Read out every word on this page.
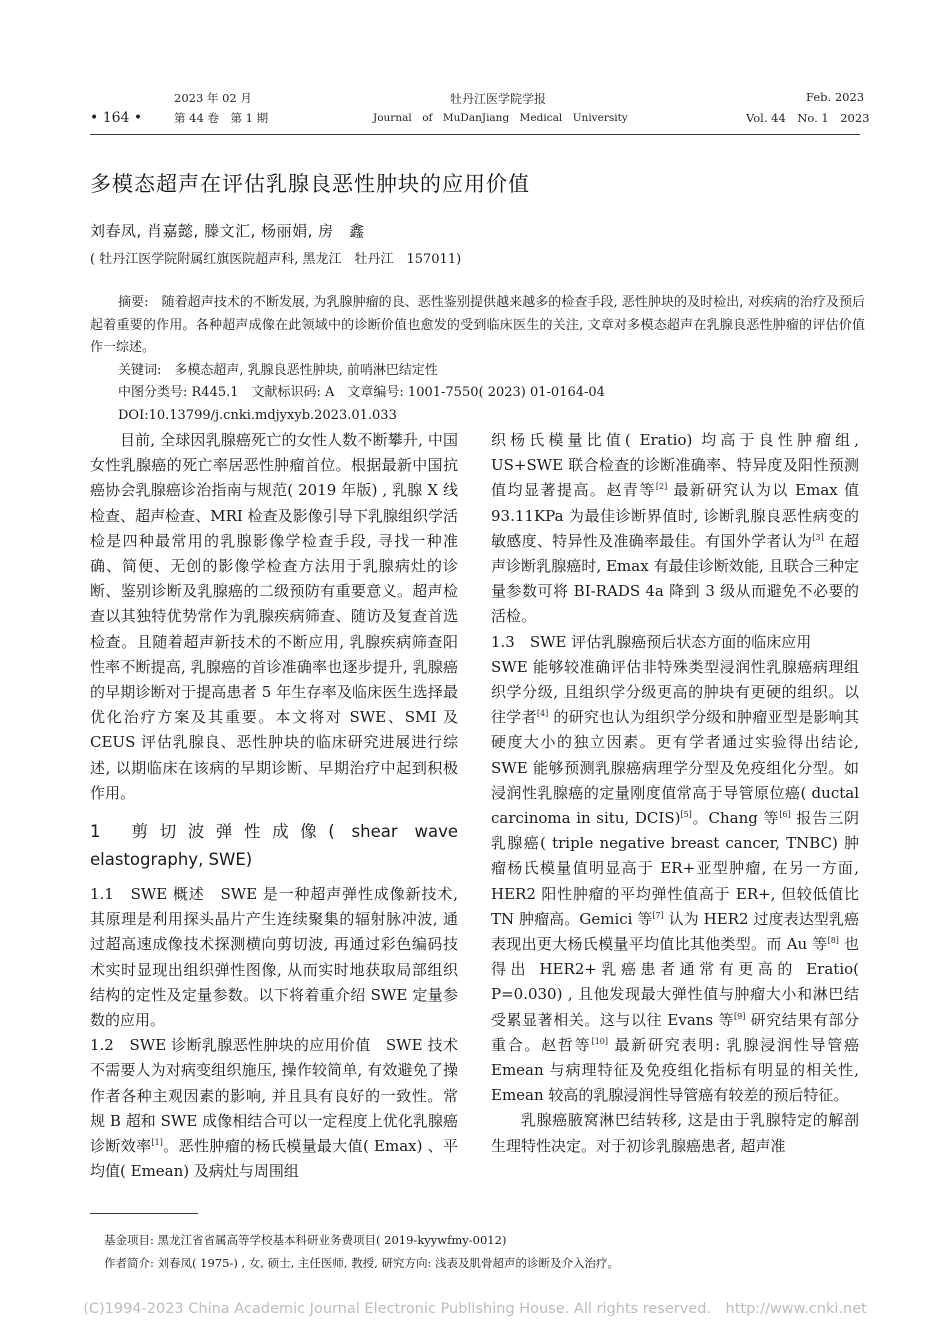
• 164 •
2023 年 02 月
第 44 卷　第 1 期
牡丹江医学院学报
Journal　of　MuDanJiang　Medical　University
Feb. 2023
Vol. 44　No. 1　2023
多模态超声在评估乳腺良恶性肿块的应用价值
刘春凤, 肖嘉懿, 滕文汇, 杨丽娟, 房　鑫
( 牡丹江医学院附属红旗医院超声科, 黑龙江　牡丹江　157011)
摘要:　随着超声技术的不断发展, 为乳腺肿瘤的良、恶性鉴别提供越来越多的检查手段, 恶性肿块的及时检出, 对疾病的治疗及预后起着重要的作用。各种超声成像在此领域中的诊断价值也愈发的受到临床医生的关注, 文章对多模态超声在乳腺良恶性肿瘤的评估价值作一综述。
关键词:　多模态超声, 乳腺良恶性肿块, 前哨淋巴结定性
中图分类号: R445.1　文献标识码: A　文章编号: 1001-7550( 2023) 01-0164-04
DOI:10.13799/j.cnki.mdjyxyb.2023.01.033

目前, 全球因乳腺癌死亡的女性人数不断攀升, 中国女性乳腺癌的死亡率居恶性肿瘤首位。根据最新中国抗癌协会乳腺癌诊治指南与规范( 2019 年版) , 乳腺 X 线检查、超声检查、MRI 检查及影像引导下乳腺组织学活检是四种最常用的乳腺影像学检查手段, 寻找一种准确、简便、无创的影像学检查方法用于乳腺病灶的诊断、鉴别诊断及乳腺癌的二级预防有重要意义。超声检查以其独特优势常作为乳腺疾病筛查、随访及复查首选检查。且随着超声新技术的不断应用, 乳腺疾病筛查阳性率不断提高, 乳腺癌的首诊准确率也逐步提升, 乳腺癌的早期诊断对于提高患者 5 年生存率及临床医生选择最优化治疗方案及其重要。本文将对 SWE、SMI 及 CEUS 评估乳腺良、恶性肿块的临床研究进展进行综述, 以期临床在该病的早期诊断、早期治疗中起到积极作用。

1 剪切波弹性成像( shear wave elastography, SWE)

1.1　SWE 概述　SWE 是一种超声弹性成像新技术, 其原理是利用探头晶片产生连续聚集的辐射脉冲波, 通过超高速成像技术探测横向剪切波, 再通过彩色编码技术实时显现出组织弹性图像, 从而实时地获取局部组织结构的定性及定量参数。以下将着重介绍 SWE 定量参数的应用。

1.2　SWE 诊断乳腺恶性肿块的应用价值　SWE 技术不需要人为对病变组织施压, 操作较简单, 有效避免了操作者各种主观因素的影响, 并且具有良好的一致性。常规 B 超和 SWE 成像相结合可以一定程度上优化乳腺癌诊断效率[1]。恶性肿瘤的杨氏模量最大值( Emax) 、平均值( Emean) 及病灶与周围组

织杨氏模量比值( Eratio) 均高于良性肿瘤组, US+SWE 联合检查的诊断准确率、特异度及阳性预测值均显著提高。赵青等[2] 最新研究认为以 Emax 值 93.11KPa 为最佳诊断界值时, 诊断乳腺良恶性病变的敏感度、特异性及准确率最佳。有国外学者认为[3] 在超声诊断乳腺癌时, Emax 有最佳诊断效能, 且联合三种定量参数可将 BI-RADS 4a 降到 3 级从而避免不必要的活检。

1.3　SWE 评估乳腺癌预后状态方面的临床应用

SWE 能够较准确评估非特殊类型浸润性乳腺癌病理组织学分级, 且组织学分级更高的肿块有更硬的组织。以往学者[4] 的研究也认为组织学分级和肿瘤亚型是影响其硬度大小的独立因素。更有学者通过实验得出结论, SWE 能够预测乳腺癌病理学分型及免疫组化分型。如浸润性乳腺癌的定量刚度值常高于导管原位癌( ductal carcinoma in situ, DCIS)[5]。Chang 等[6] 报告三阴乳腺癌( triple negative breast cancer, TNBC) 肿瘤杨氏模量值明显高于 ER+亚型肿瘤, 在另一方面, HER2 阳性肿瘤的平均弹性值高于 ER+, 但较低值比 TN 肿瘤高。Gemici 等[7] 认为 HER2 过度表达型乳癌表现出更大杨氏模量平均值比其他类型。而 Au 等[8] 也得出 HER2+乳癌患者通常有更高的 Eratio( P=0.030) , 且他发现最大弹性值与肿瘤大小和淋巴结受累显著相关。这与以往 Evans 等[9] 研究结果有部分重合。赵哲等[10] 最新研究表明: 乳腺浸润性导管癌 Emean 与病理特征及免疫组化指标有明显的相关性, Emean 较高的乳腺浸润性导管癌有较差的预后特征。

乳腺癌腋窝淋巴结转移, 这是由于乳腺特定的解剖生理特性决定。对于初诊乳腺癌患者, 超声准

基金项目: 黑龙江省省属高等学校基本科研业务费项目( 2019-kyywfmy-0012)
作者简介: 刘春凤( 1975-) , 女, 硕士, 主任医师, 教授, 研究方向: 浅表及肌骨超声的诊断及介入治疗。
(C)1994-2023 China Academic Journal Electronic Publishing House. All rights reserved.　http://www.cnki.net
